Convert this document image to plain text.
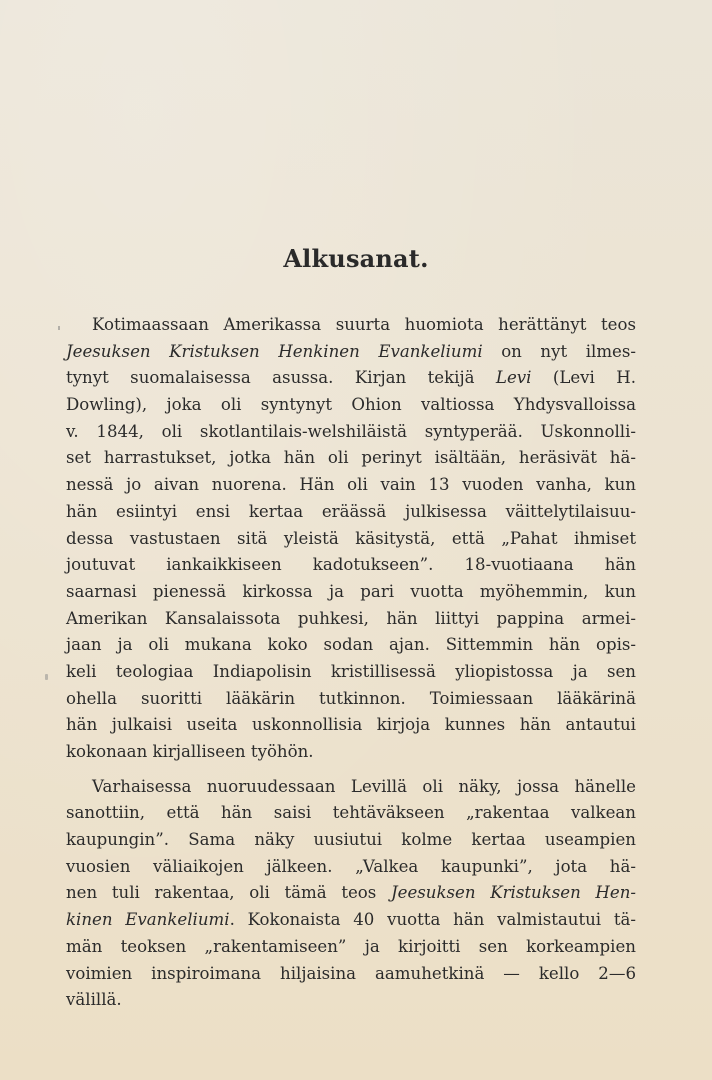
Alkusanat.
Kotimaassaan Amerikassa suurta huomiota herättänyt teos
Jeesuksen Kristuksen Henkinen Evankeliumi on nyt ilmes-
tynyt suomalaisessa asussa. Kirjan tekijä Levi (Levi H.
Dowling), joka oli syntynyt Ohion valtiossa Yhdysvalloissa
v. 1844, oli skotlantilais-welshiläistä syntyperää. Uskonnolli-
set harrastukset, jotka hän oli perinyt isältään, heräsivät hä-
nessä jo aivan nuorena. Hän oli vain 13 vuoden vanha, kun
hän esiintyi ensi kertaa eräässä julkisessa väittelytilaisuu-
dessa vastustaen sitä yleistä käsitystä, että „Pahat ihmiset
joutuvat iankaikkiseen kadotukseen”. 18-vuotiaana hän
saarnasi pienessä kirkossa ja pari vuotta myöhemmin, kun
Amerikan Kansalaissota puhkesi, hän liittyi pappina armei-
jaan ja oli mukana koko sodan ajan. Sittemmin hän opis-
keli teologiaa Indiapolisin kristillisessä yliopistossa ja sen
ohella suoritti lääkärin tutkinnon. Toimiessaan lääkärinä
hän julkaisi useita uskonnollisia kirjoja kunnes hän antautui
kokonaan kirjalliseen työhön.
Varhaisessa nuoruudessaan Levillä oli näky, jossa hänelle
sanottiin, että hän saisi tehtäväkseen „rakentaa valkean
kaupungin”. Sama näky uusiutui kolme kertaa useampien
vuosien väliaikojen jälkeen. „Valkea kaupunki”, jota hä-
nen tuli rakentaa, oli tämä teos Jeesuksen Kristuksen Hen-
kinen Evankeliumi. Kokonaista 40 vuotta hän valmistautui tä-
män teoksen „rakentamiseen” ja kirjoitti sen korkeampien
voimien inspiroimana hiljaisina aamuhetkinä — kello 2—6
välillä.
